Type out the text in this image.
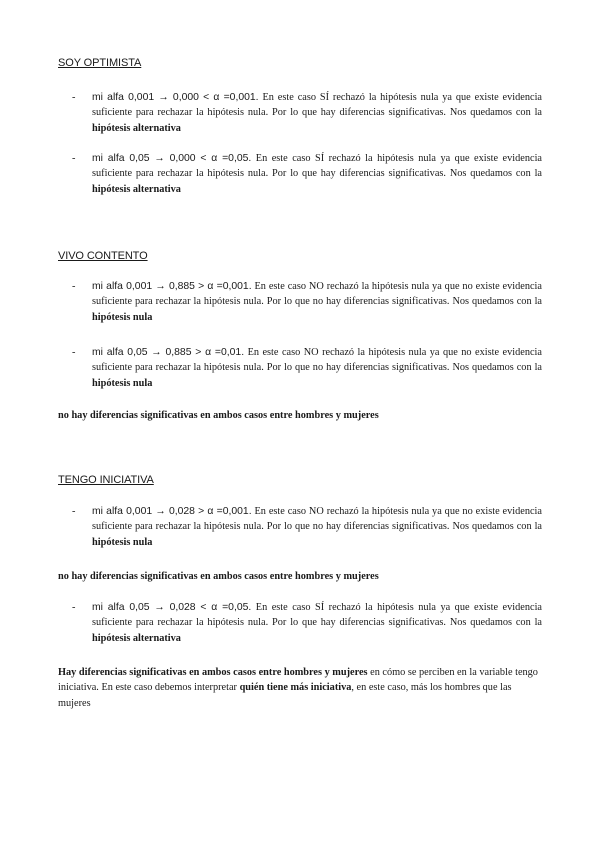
SOY OPTIMISTA
- mi alfa 0,001 → 0,000 < α =0,001. En este caso SÍ rechazó la hipótesis nula ya que existe evidencia suficiente para rechazar la hipótesis nula. Por lo que hay diferencias significativas. Nos quedamos con la hipótesis alternativa
- mi alfa 0,05 → 0,000 < α =0,05. En este caso SÍ rechazó la hipótesis nula ya que existe evidencia suficiente para rechazar la hipótesis nula. Por lo que hay diferencias significativas. Nos quedamos con la hipótesis alternativa
VIVO CONTENTO
- mi alfa 0,001 → 0,885 > α =0,001. En este caso NO rechazó la hipótesis nula ya que no existe evidencia suficiente para rechazar la hipótesis nula. Por lo que no hay diferencias significativas. Nos quedamos con la hipótesis nula
- mi alfa 0,05 → 0,885 > α =0,01. En este caso NO rechazó la hipótesis nula ya que no existe evidencia suficiente para rechazar la hipótesis nula. Por lo que no hay diferencias significativas. Nos quedamos con la hipótesis nula
no hay diferencias significativas en ambos casos entre hombres y mujeres
TENGO INICIATIVA
- mi alfa 0,001 → 0,028 > α =0,001. En este caso NO rechazó la hipótesis nula ya que no existe evidencia suficiente para rechazar la hipótesis nula. Por lo que no hay diferencias significativas. Nos quedamos con la hipótesis nula
no hay diferencias significativas en ambos casos entre hombres y mujeres
- mi alfa 0,05 → 0,028 < α =0,05. En este caso SÍ rechazó la hipótesis nula ya que existe evidencia suficiente para rechazar la hipótesis nula. Por lo que hay diferencias significativas. Nos quedamos con la hipótesis alternativa
Hay diferencias significativas en ambos casos entre hombres y mujeres en cómo se perciben en la variable tengo iniciativa. En este caso debemos interpretar quién tiene más iniciativa, en este caso, más los hombres que las mujeres
